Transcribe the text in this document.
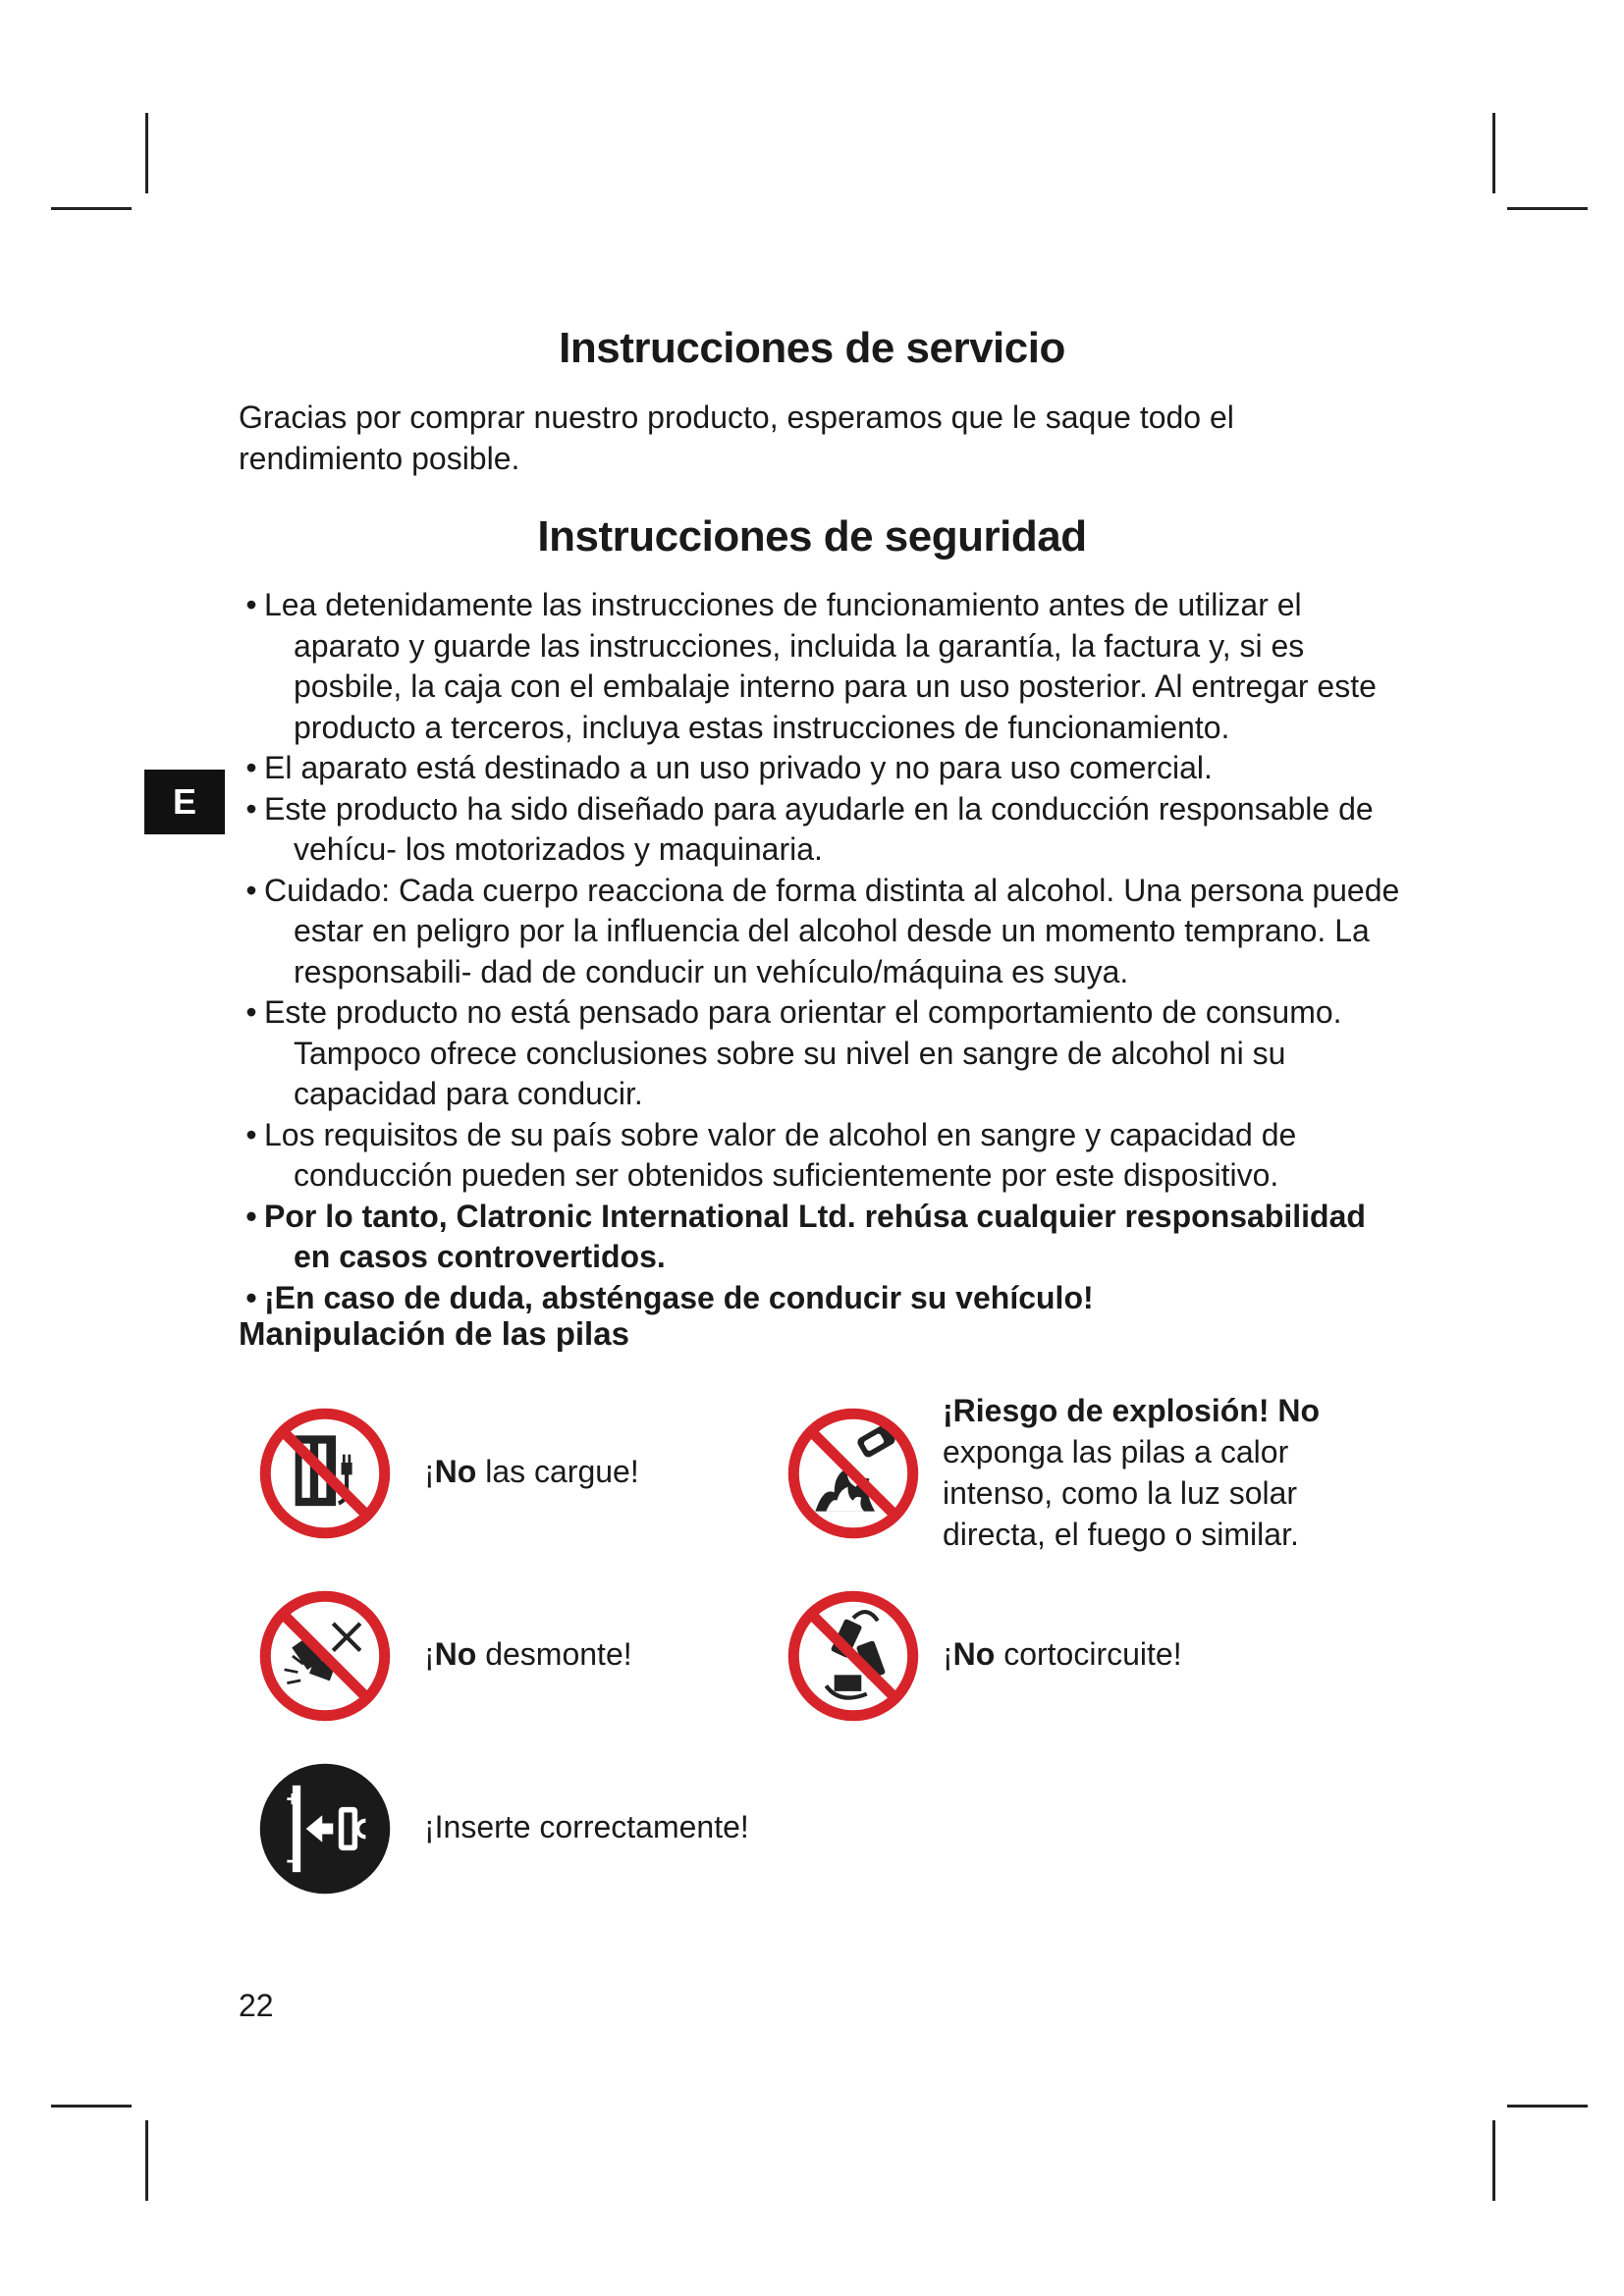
Instrucciones de servicio

Gracias por comprar nuestro producto, esperamos que le saque todo el rendimiento posible.

Instrucciones de seguridad
E
• Lea detenidamente las instrucciones de funcionamiento antes de utilizar el aparato y guarde las instrucciones, incluida la garantía, la factura y, si es posbile, la caja con el embalaje interno para un uso posterior. Al entregar este producto a terceros, incluya estas instrucciones de funcionamiento.
• El aparato está destinado a un uso privado y no para uso comercial.
• Este producto ha sido diseñado para ayudarle en la conducción responsable de vehícu- los motorizados y maquinaria.
• Cuidado: Cada cuerpo reacciona de forma distinta al alcohol. Una persona puede estar en peligro por la influencia del alcohol desde un momento temprano. La responsabili- dad de conducir un vehículo/máquina es suya.
• Este producto no está pensado para orientar el comportamiento de consumo. Tampoco ofrece conclusiones sobre su nivel en sangre de alcohol ni su capacidad para conducir.
• Los requisitos de su país sobre valor de alcohol en sangre y capacidad de conducción pueden ser obtenidos suficientemente por este dispositivo.
• Por lo tanto, Clatronic International Ltd. rehúsa cualquier responsabilidad en casos controvertidos.
• ¡En caso de duda, absténgase de conducir su vehículo!
Manipulación de las pilas
¡No las cargue!
¡Riesgo de explosión! No
exponga las pilas a calor intenso, como la luz solar directa, el fuego o similar.
¡No desmonte!	¡No cortocircuite!
¡Inserte correctamente!
22
